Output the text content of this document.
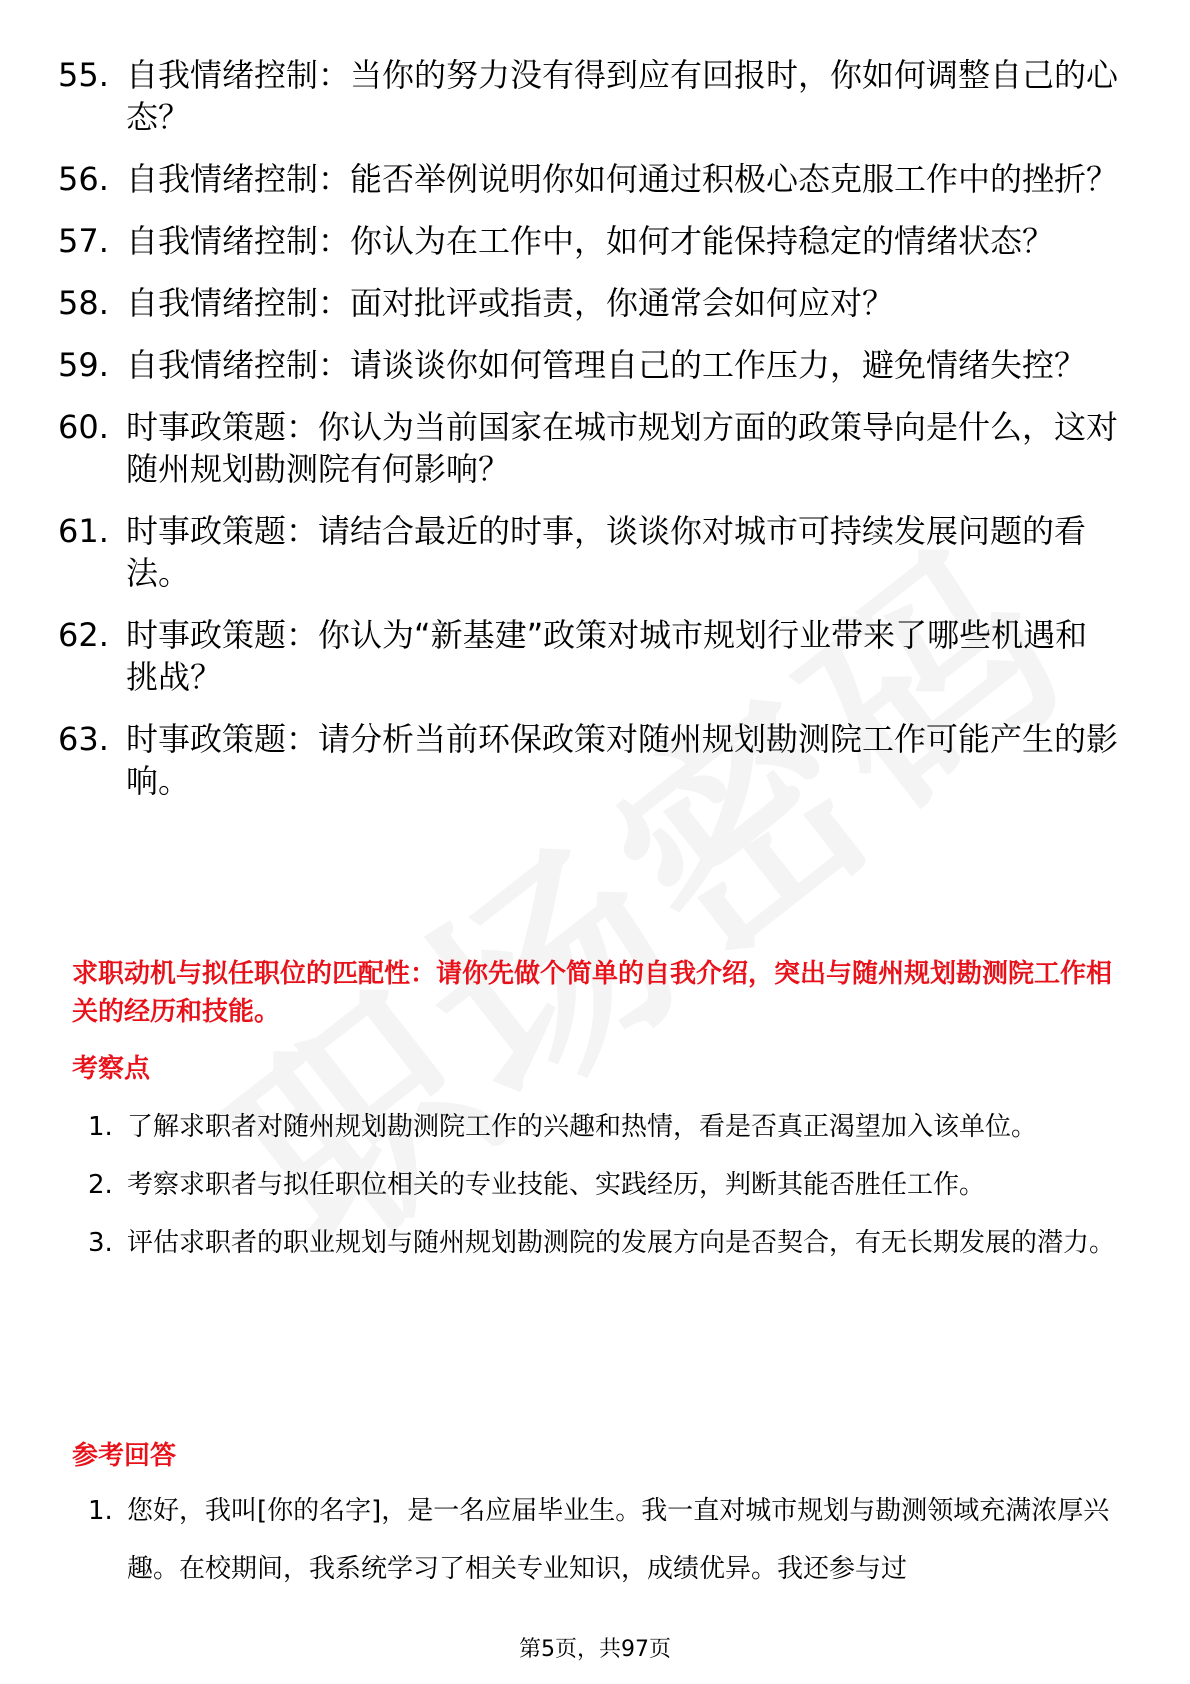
55. 自我情绪控制：当你的努力没有得到应有回报时，你如何调整自己的心态？
56. 自我情绪控制：能否举例说明你如何通过积极心态克服工作中的挫折？
57. 自我情绪控制：你认为在工作中，如何才能保持稳定的情绪状态？
58. 自我情绪控制：面对批评或指责，你通常会如何应对？
59. 自我情绪控制：请谈谈你如何管理自己的工作压力，避免情绪失控？
60. 时事政策题：你认为当前国家在城市规划方面的政策导向是什么，这对随州规划勘测院有何影响？
61. 时事政策题：请结合最近的时事，谈谈你对城市可持续发展问题的看法。
62. 时事政策题：你认为“新基建”政策对城市规划行业带来了哪些机遇和挑战？
63. 时事政策题：请分析当前环保政策对随州规划勘测院工作可能产生的影响。
求职动机与拟任职位的匹配性：请你先做个简单的自我介绍，突出与随州规划勘测院工作相关的经历和技能。
考察点
1. 了解求职者对随州规划勘测院工作的兴趣和热情，看是否真正渴望加入该单位。
2. 考察求职者与拟任职位相关的专业技能、实践经历，判断其能否胜任工作。
3. 评估求职者的职业规划与随州规划勘测院的发展方向是否契合，有无长期发展的潜力。
参考回答
1. 您好，我叫[你的名字]，是一名应届毕业生。我一直对城市规划与勘测领域充满浓厚兴趣。在校期间，我系统学习了相关专业知识，成绩优异。我还参与过
第5页，共97页
